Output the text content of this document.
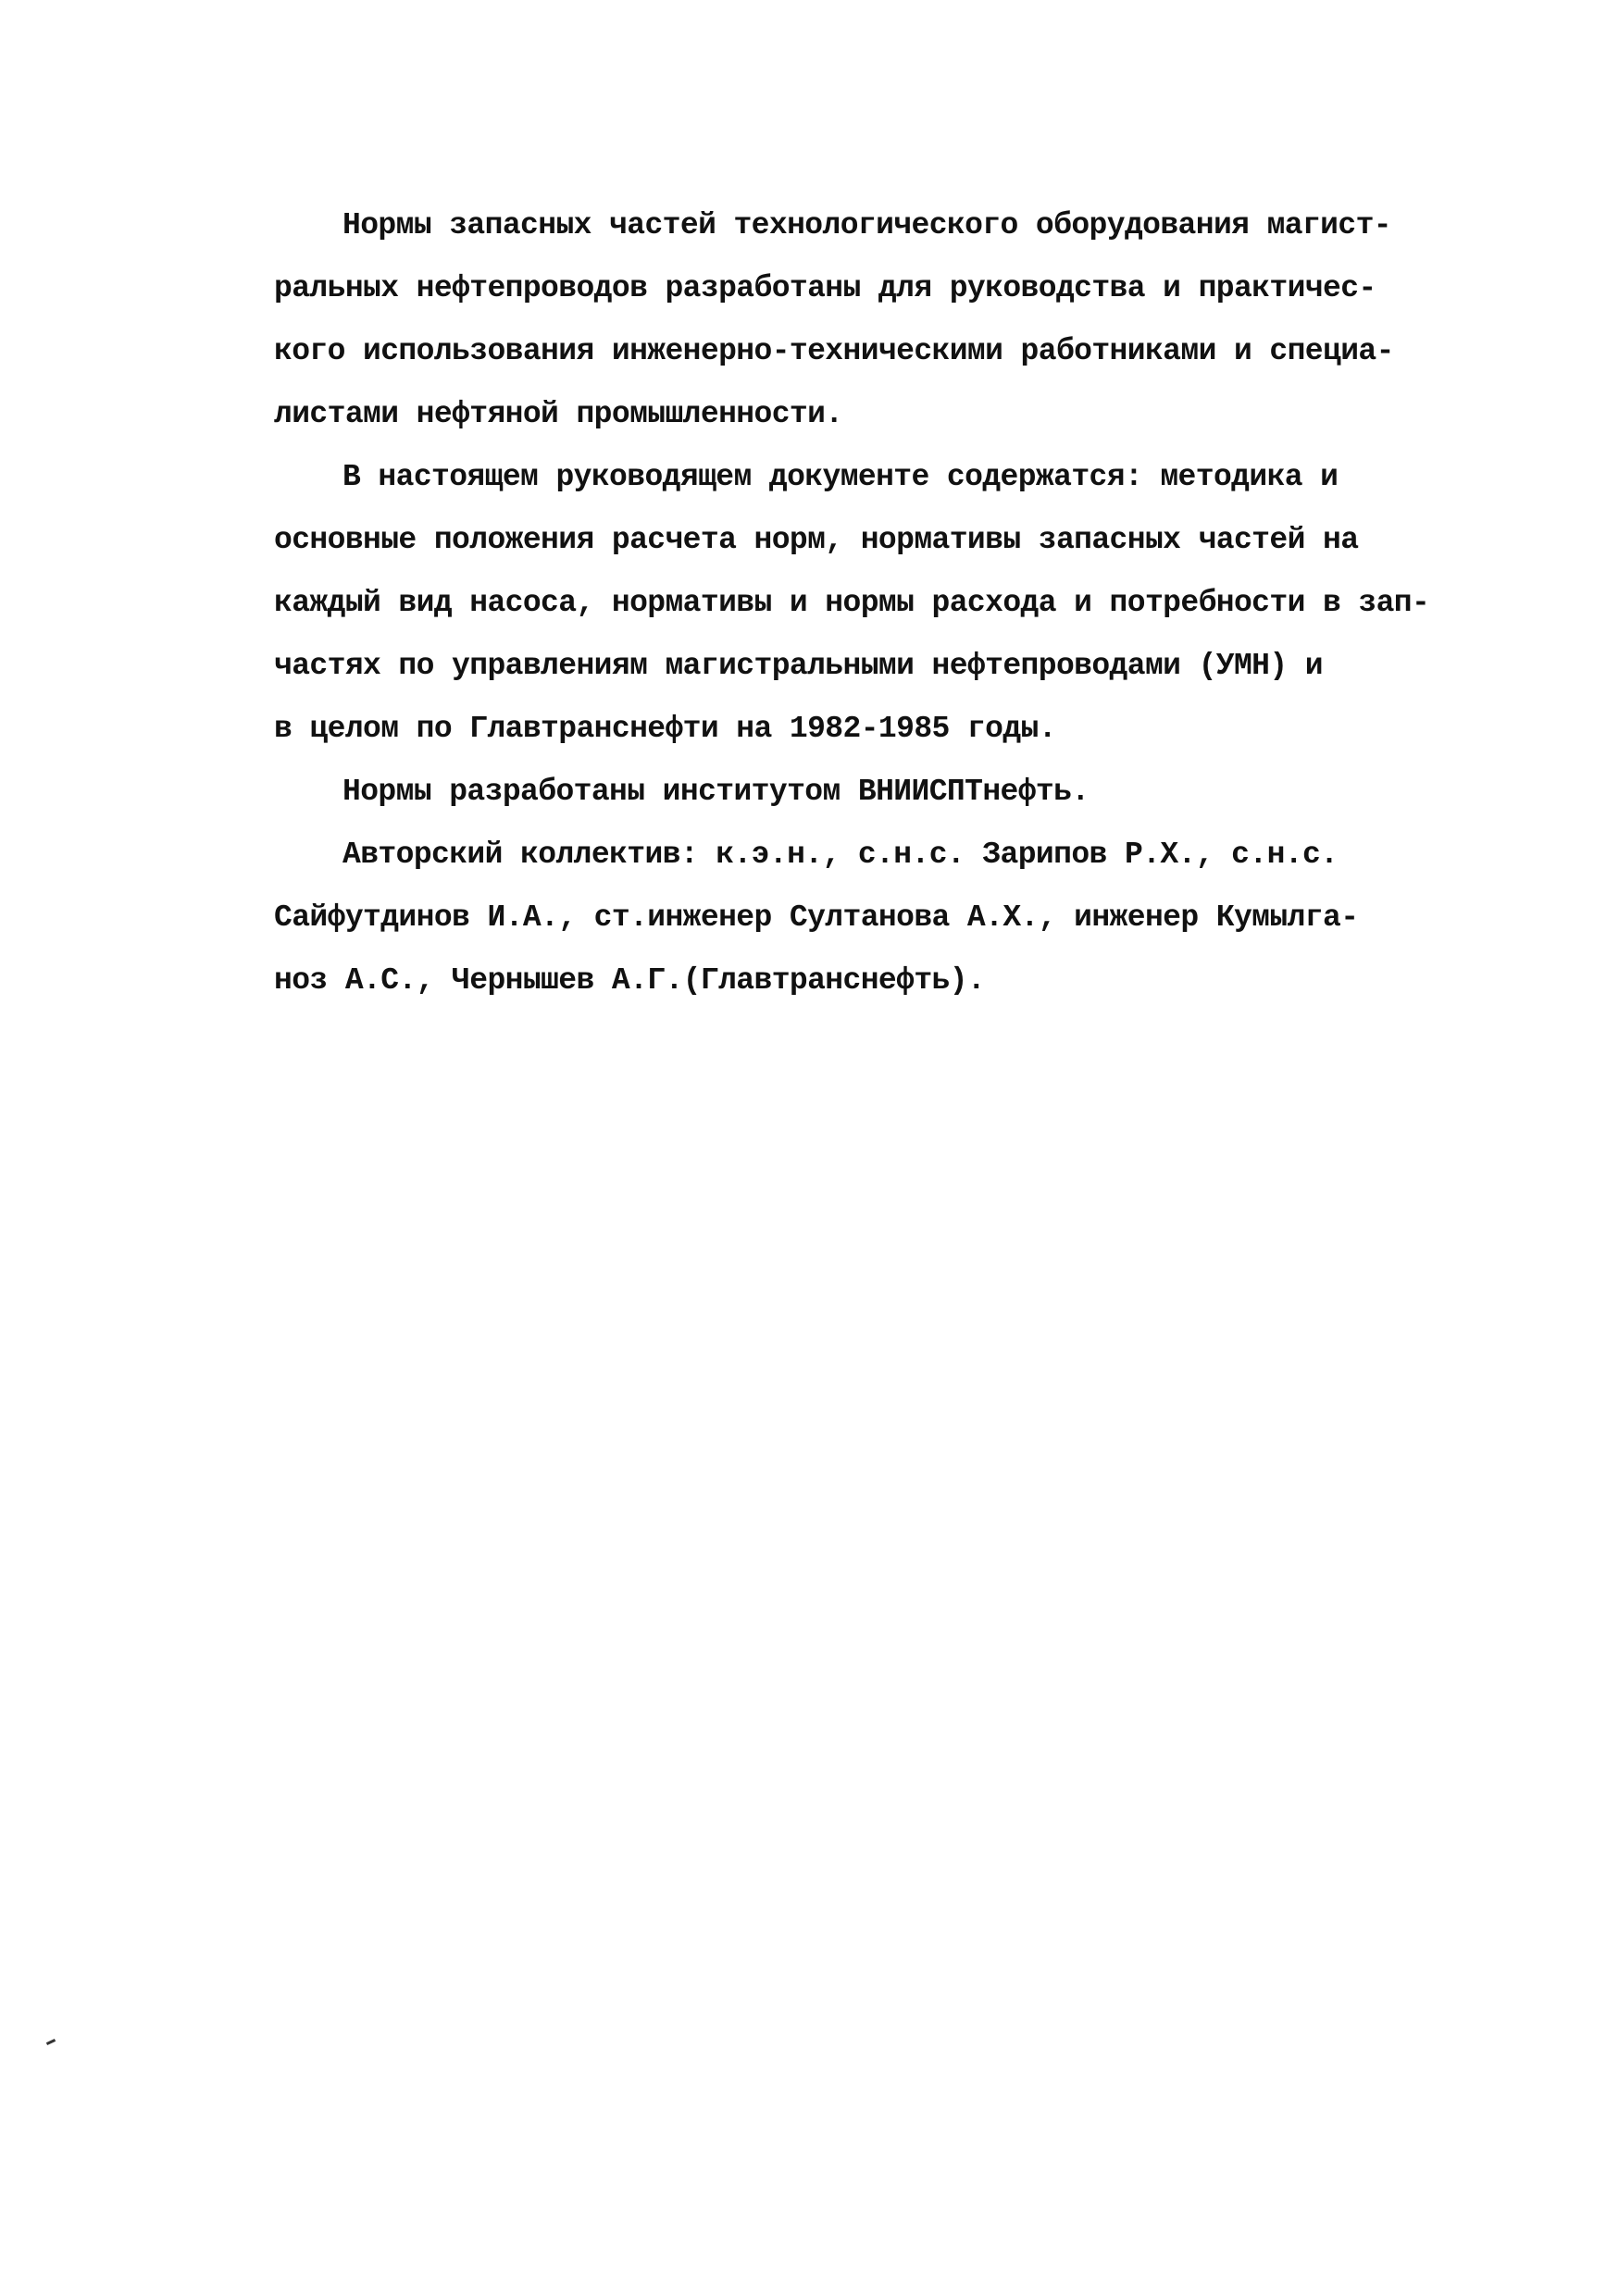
Нормы запасных частей технологического оборудования магист-
ральных нефтепроводов разработаны для руководства и практичес-
кого использования инженерно-техническими работниками и специа-
листами нефтяной промышленности.
В настоящем руководящем документе содержатся: методика и
основные положения расчета норм, нормативы запасных частей на
каждый вид насоса, нормативы и нормы расхода и потребности в зап-
частях по управлениям магистральными нефтепроводами (УМН) и
в целом по Главтранснефти на 1982-1985 годы.
Нормы разработаны институтом ВНИИСПТнефть.
Авторский коллектив: к.э.н., с.н.с. Зарипов Р.Х., с.н.с.
Сайфутдинов И.А., ст.инженер Султанова А.Х., инженер Кумылга-
ноз А.С., Чернышев А.Г.(Главтранснефть).
